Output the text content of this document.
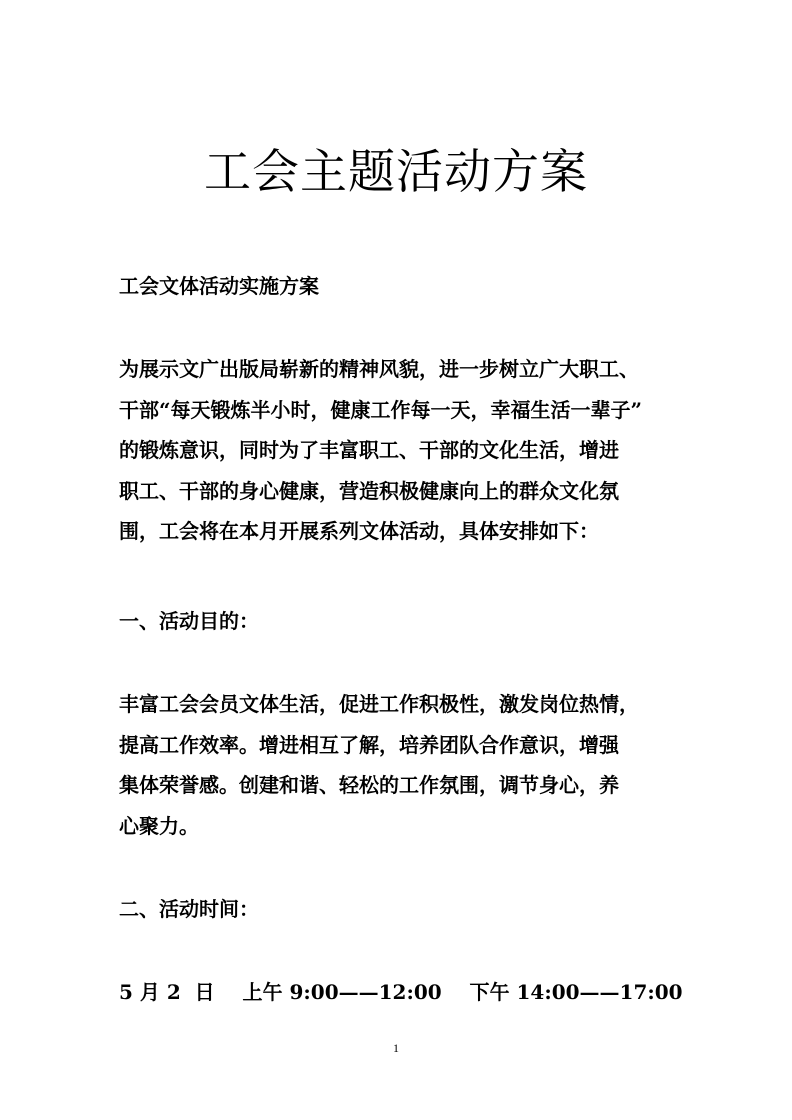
工会主题活动方案

工会文体活动实施方案

为展示文广出版局崭新的精神风貌，进一步树立广大职工、
干部“每天锻炼半小时，健康工作每一天，幸福生活一辈子”
的锻炼意识，同时为了丰富职工、干部的文化生活，增进
职工、干部的身心健康，营造积极健康向上的群众文化氛
围，工会将在本月开展系列文体活动，具体安排如下：

一、活动目的：

丰富工会会员文体生活，促进工作积极性，激发岗位热情，
提高工作效率。增进相互了解，培养团队合作意识，增强
集体荣誉感。创建和谐、轻松的工作氛围，调节身心，养
心聚力。

二、活动时间：

5 月 2  日    上午 9:00——12:00    下午 14:00——17:00

1
